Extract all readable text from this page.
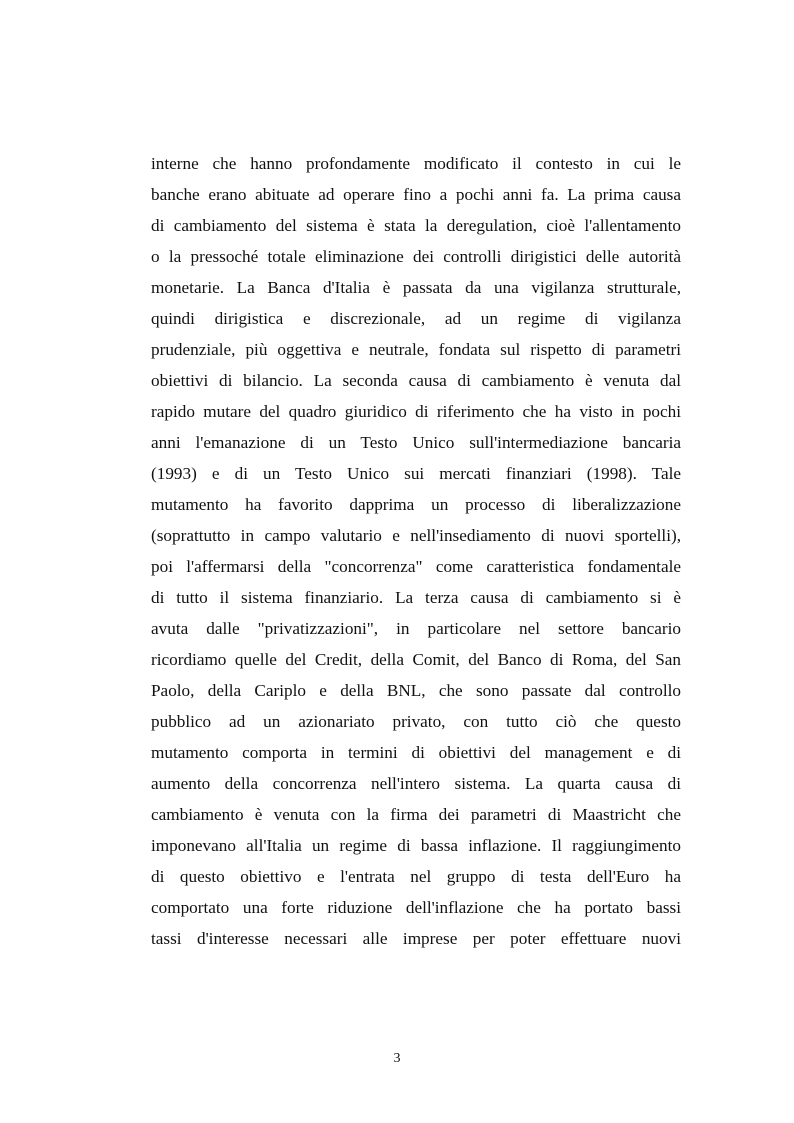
interne che hanno profondamente modificato il contesto in cui le
banche erano abituate ad operare fino a pochi anni fa. La prima causa
di cambiamento del sistema è stata la deregulation, cioè l'allentamento
o la pressoché totale eliminazione dei controlli dirigistici delle autorità
monetarie. La Banca d'Italia è passata da una vigilanza strutturale,
quindi dirigistica e discrezionale, ad un regime di vigilanza
prudenziale, più oggettiva e neutrale, fondata sul rispetto di parametri
obiettivi di bilancio. La seconda causa di cambiamento è venuta dal
rapido mutare del quadro giuridico di riferimento che ha visto in pochi
anni l'emanazione di un Testo Unico sull'intermediazione bancaria
(1993) e di un Testo Unico sui mercati finanziari (1998). Tale
mutamento ha favorito dapprima un processo di liberalizzazione
(soprattutto in campo valutario e nell'insediamento di nuovi sportelli),
poi l'affermarsi della "concorrenza" come caratteristica fondamentale
di tutto il sistema finanziario. La terza causa di cambiamento si è
avuta dalle "privatizzazioni", in particolare nel settore bancario
ricordiamo quelle del Credit, della Comit, del Banco di Roma, del San
Paolo, della Cariplo e della BNL, che sono passate dal controllo
pubblico ad un azionariato privato, con tutto ciò che questo
mutamento comporta in termini di obiettivi del management e di
aumento della concorrenza nell'intero sistema. La quarta causa di
cambiamento è venuta con la firma dei parametri di Maastricht che
imponevano all'Italia un regime di bassa inflazione. Il raggiungimento
di questo obiettivo e l'entrata nel gruppo di testa dell'Euro ha
comportato una forte riduzione dell'inflazione che ha portato bassi
tassi d'interesse necessari alle imprese per poter effettuare nuovi
3
